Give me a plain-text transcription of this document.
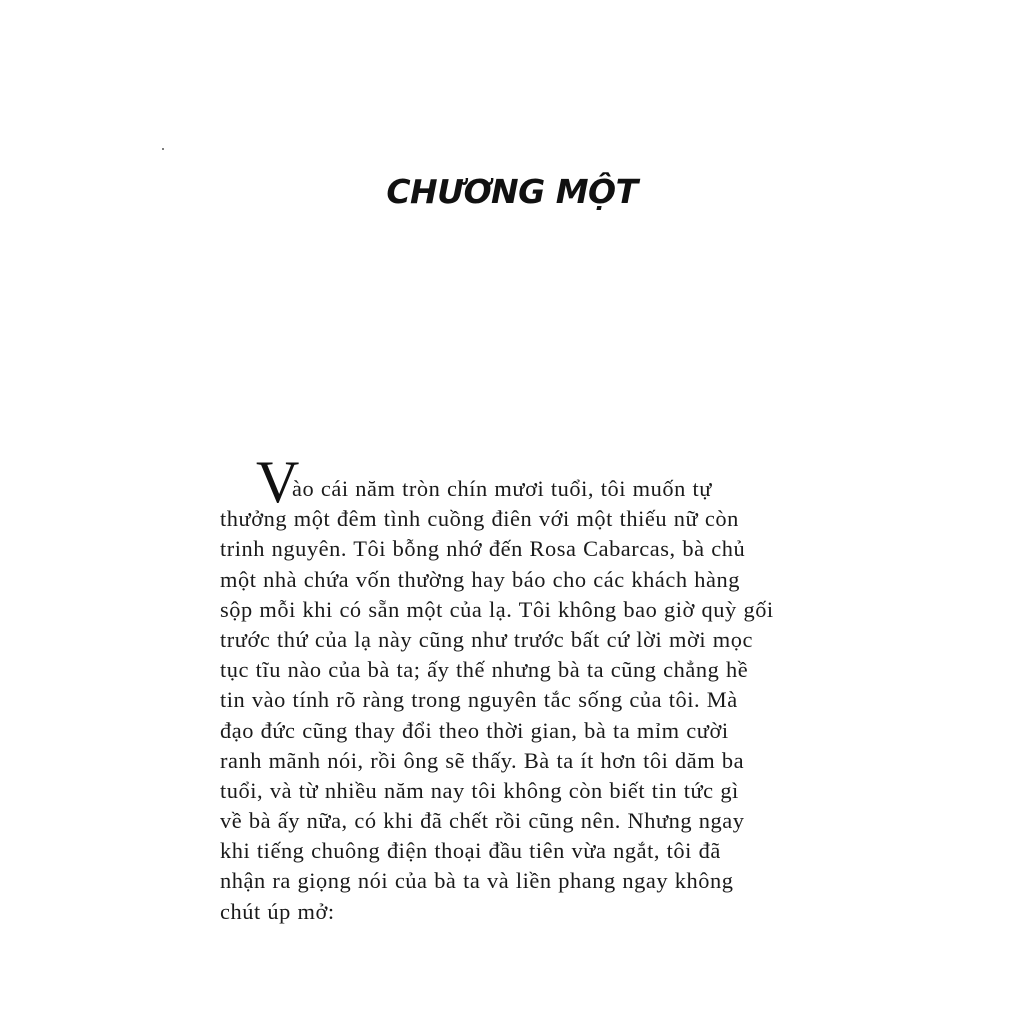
CHƯƠNG MỘT
V
ào cái năm tròn chín mươi tuổi, tôi muốn tự
thưởng một đêm tình cuồng điên với một thiếu nữ còn
trinh nguyên. Tôi bỗng nhớ đến Rosa Cabarcas, bà chủ
một nhà chứa vốn thường hay báo cho các khách hàng
sộp mỗi khi có sẵn một của lạ. Tôi không bao giờ quỳ gối
trước thứ của lạ này cũng như trước bất cứ lời mời mọc
tục tĩu nào của bà ta; ấy thế nhưng bà ta cũng chẳng hề
tin vào tính rõ ràng trong nguyên tắc sống của tôi. Mà
đạo đức cũng thay đổi theo thời gian, bà ta mỉm cười
ranh mãnh nói, rồi ông sẽ thấy. Bà ta ít hơn tôi dăm ba
tuổi, và từ nhiều năm nay tôi không còn biết tin tức gì
về bà ấy nữa, có khi đã chết rồi cũng nên. Nhưng ngay
khi tiếng chuông điện thoại đầu tiên vừa ngắt, tôi đã
nhận ra giọng nói của bà ta và liền phang ngay không
chút úp mở:
